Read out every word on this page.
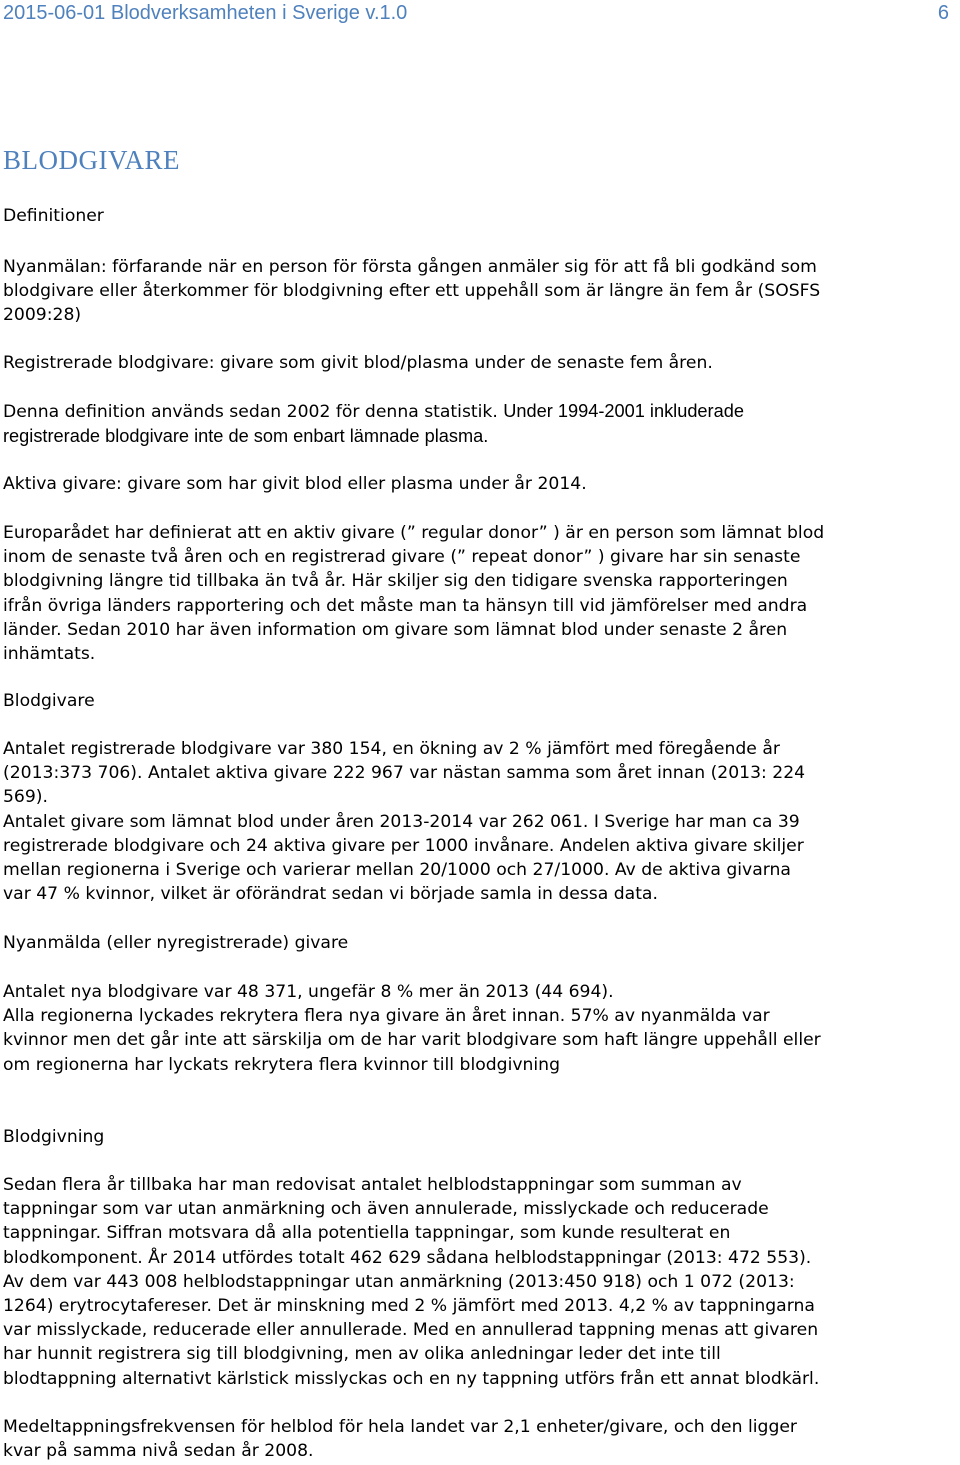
2015-06-01 Blodverksamheten i Sverige v.1.0	6
BLODGIVARE
Definitioner
Nyanmälan: förfarande när en person för första gången anmäler sig för att få bli godkänd som
blodgivare eller återkommer för blodgivning efter ett uppehåll som är längre än fem år (SOSFS
2009:28)
Registrerade blodgivare: givare som givit blod/plasma under de senaste fem åren.
Denna definition används sedan 2002 för denna statistik. Under 1994-2001 inkluderade
registrerade blodgivare inte de som enbart lämnade plasma.
Aktiva givare: givare som har givit blod eller plasma under år 2014.
Europarådet har definierat att en aktiv givare (” regular donor” ) är en person som lämnat blod
inom de senaste två åren och en registrerad givare (” repeat donor” ) givare har sin senaste
blodgivning längre tid tillbaka än två år. Här skiljer sig den tidigare svenska rapporteringen
ifrån övriga länders rapportering och det måste man ta hänsyn till vid jämförelser med andra
länder. Sedan 2010 har även information om givare som lämnat blod under senaste 2 åren
inhämtats.
Blodgivare
Antalet registrerade blodgivare var 380 154, en ökning av 2 % jämfört med föregående år
(2013:373 706). Antalet aktiva givare 222 967 var nästan samma som året innan (2013: 224
569).
Antalet givare som lämnat blod under åren 2013-2014 var 262 061. I Sverige har man ca 39
registrerade blodgivare och 24 aktiva givare per 1000 invånare. Andelen aktiva givare skiljer
mellan regionerna i Sverige och varierar mellan 20/1000 och 27/1000. Av de aktiva givarna
var 47 % kvinnor, vilket är oförändrat sedan vi började samla in dessa data.
Nyanmälda (eller nyregistrerade) givare
Antalet nya blodgivare var 48 371, ungefär 8 % mer än 2013 (44 694).
Alla regionerna lyckades rekrytera flera nya givare än året innan. 57% av nyanmälda var
kvinnor men det går inte att särskilja om de har varit blodgivare som haft längre uppehåll eller
om regionerna har lyckats rekrytera flera kvinnor till blodgivning
Blodgivning
Sedan flera år tillbaka har man redovisat antalet helblodstappningar som summan av
tappningar som var utan anmärkning och även annulerade, misslyckade och reducerade
tappningar. Siffran motsvara då alla potentiella tappningar, som kunde resulterat en
blodkomponent. År 2014 utfördes totalt 462 629 sådana helblodstappningar (2013: 472 553).
Av dem var 443 008 helblodstappningar utan anmärkning (2013:450 918) och 1 072 (2013:
1264) erytrocytafereser. Det är minskning med 2 % jämfört med 2013. 4,2 % av tappningarna
var misslyckade, reducerade eller annullerade. Med en annullerad tappning menas att givaren
har hunnit registrera sig till blodgivning, men av olika anledningar leder det inte till
blodtappning alternativt kärlstick misslyckas och en ny tappning utförs från ett annat blodkärl.
Medeltappningsfrekvensen för helblod för hela landet var 2,1 enheter/givare, och den ligger
kvar på samma nivå sedan år 2008.
